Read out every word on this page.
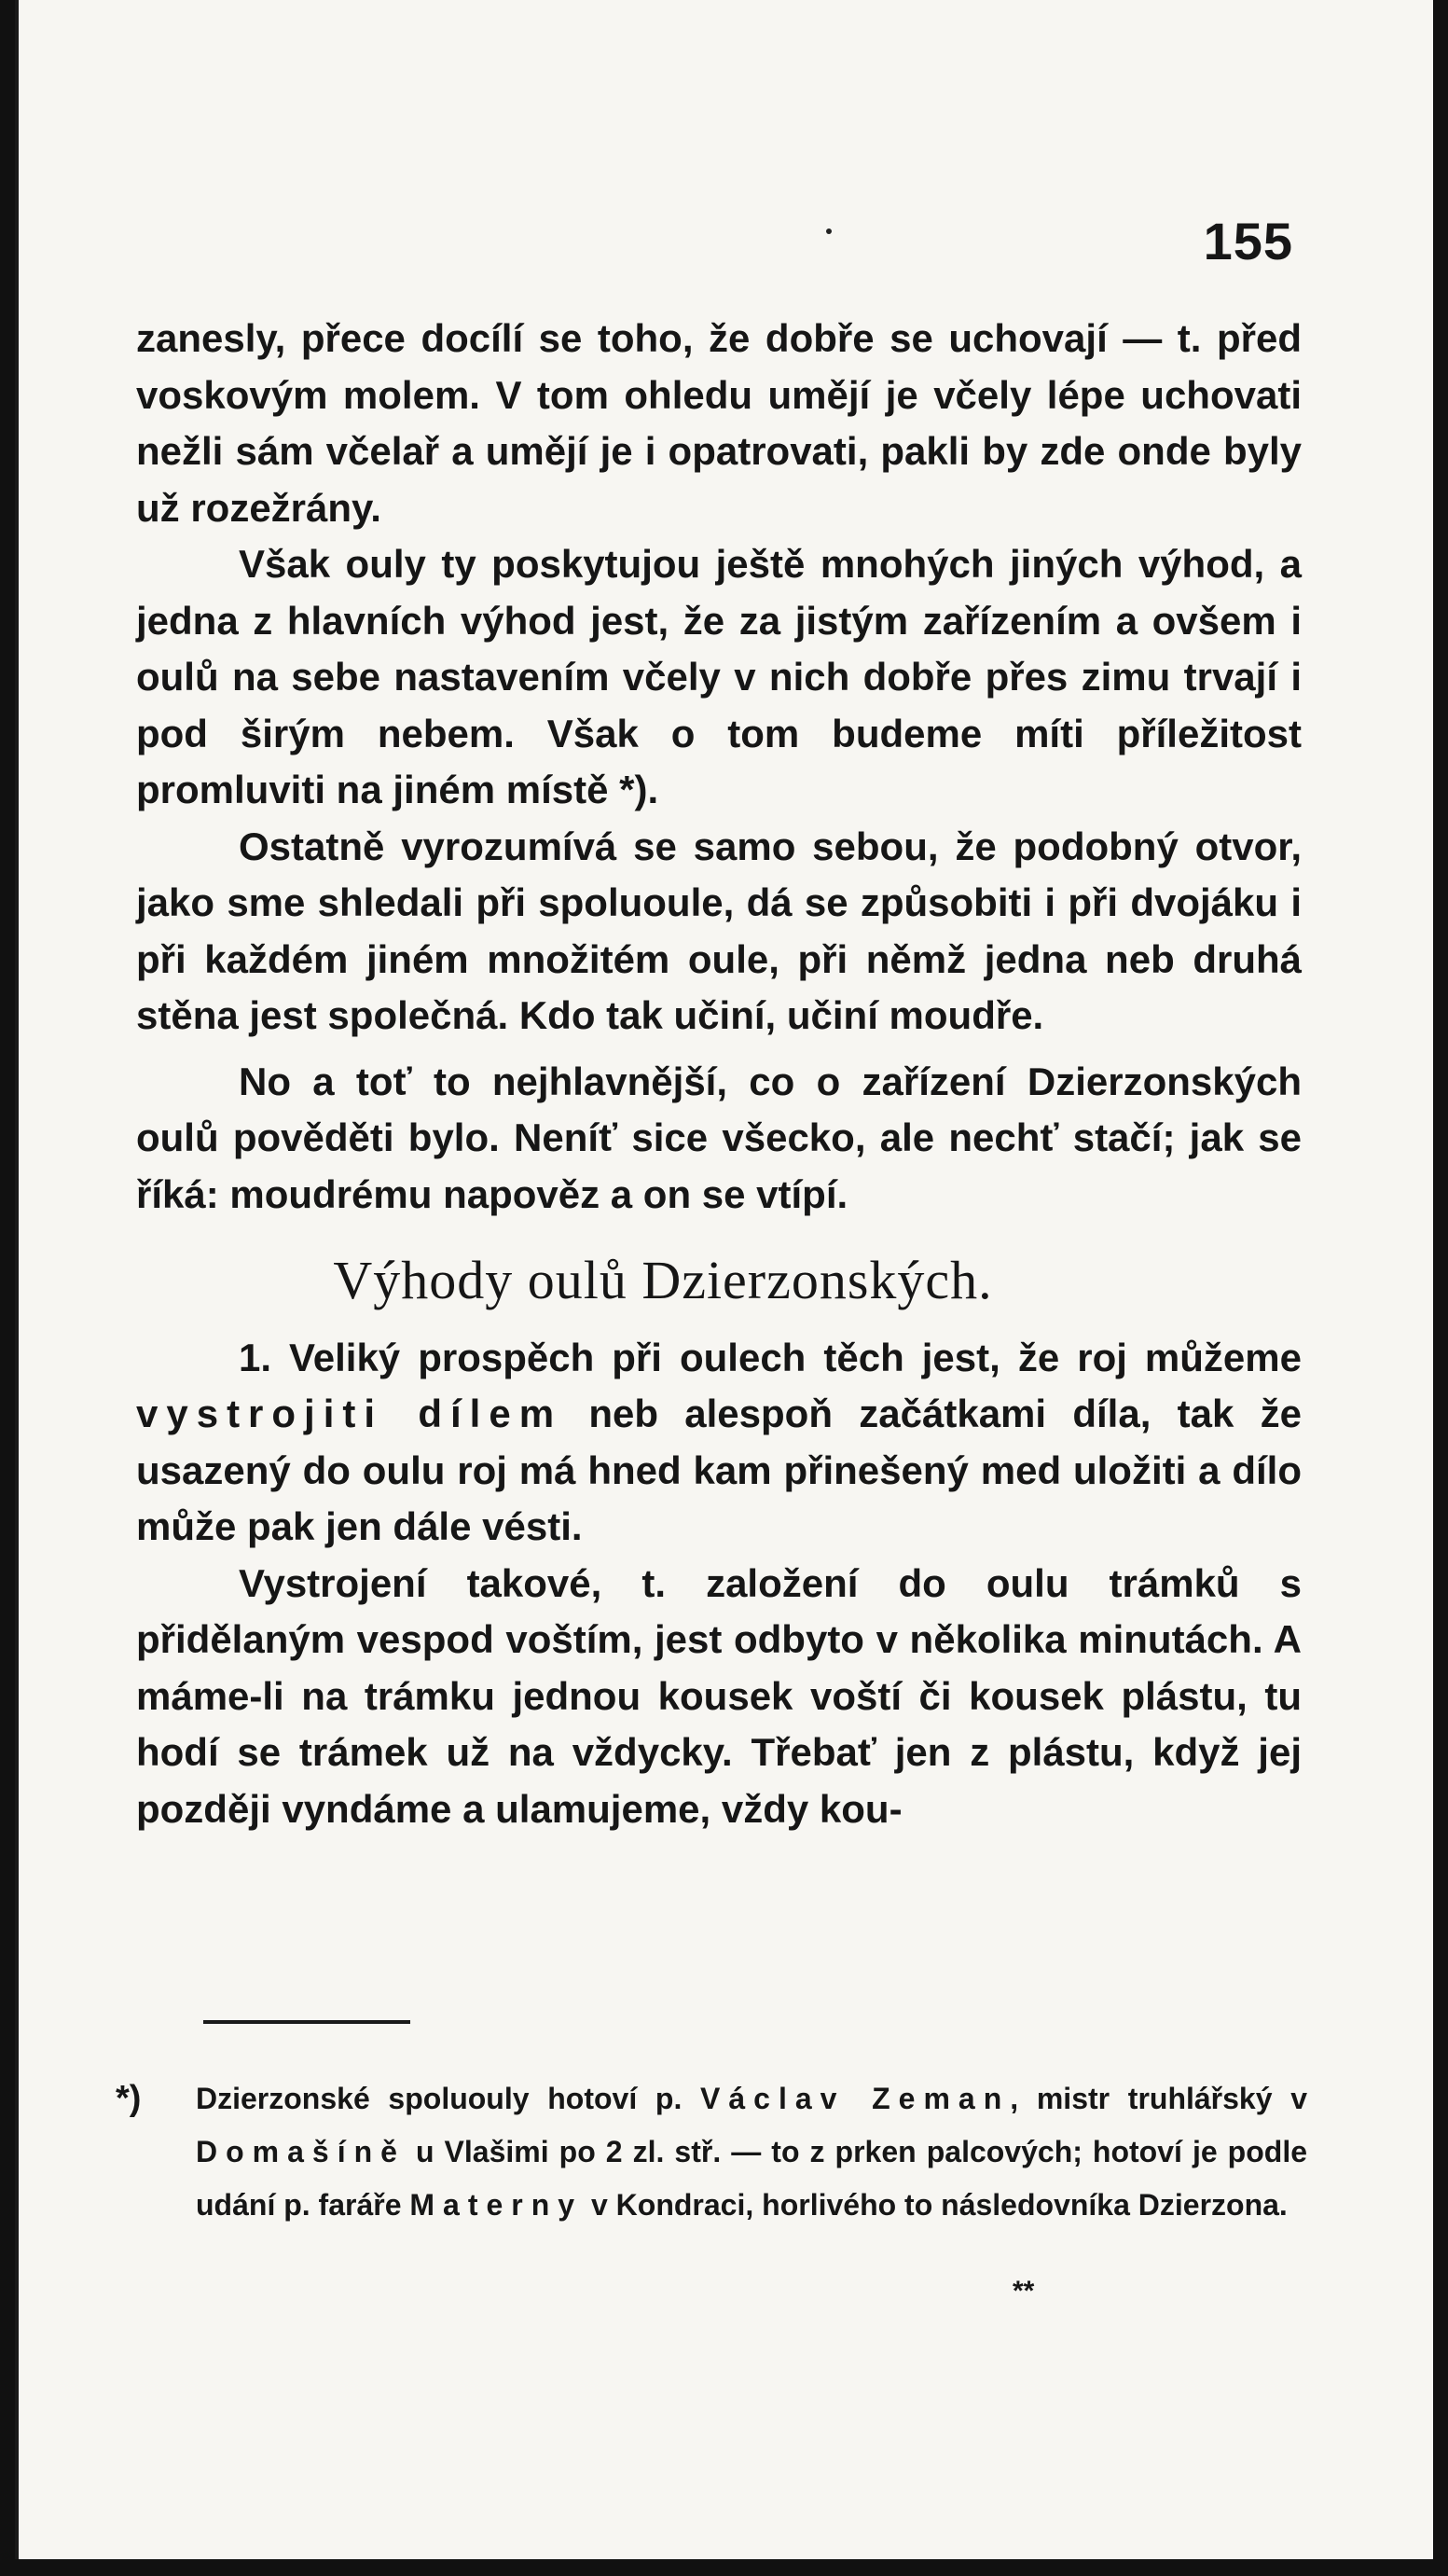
155

zanesly, přece docílí se toho, že dobře se uchovají — t. před voskovým molem. V tom ohledu umějí je včely lépe uchovati nežli sám včelař a umějí je i opatrovati, pakli by zde onde byly už rozežrány.

Však ouly ty poskytujou ještě mnohých jiných výhod, a jedna z hlavních výhod jest, že za jistým zařízením a ovšem i oulů na sebe nastavením včely v nich dobře přes zimu trvají i pod širým nebem. Však o tom budeme míti příležitost promluviti na jiném místě *).

Ostatně vyrozumívá se samo sebou, že podobný otvor, jako sme shledali při spoluoule, dá se způsobiti i při dvojáku i při každém jiném množitém oule, při němž jedna neb druhá stěna jest společná. Kdo tak učiní, učiní moudře.

No a toť to nejhlavnější, co o zařízení Dzierzonských oulů pověděti bylo. Neníť sice všecko, ale nechť stačí; jak se říká: moudrému napověz a on se vtípí.

Výhody oulů Dzierzonských.

1. Veliký prospěch při oulech těch jest, že roj můžeme vystrojiti dílem neb alespoň začátkami díla, tak že usazený do oulu roj má hned kam přinešený med uložiti a dílo může pak jen dále vésti.

Vystrojení takové, t. založení do oulu trámků s přidělaným vespod voštím, jest odbyto v několika minutách. A máme-li na trámku jednou kousek voští či kousek plástu, tu hodí se trámek už na vždycky. Třebať jen z plástu, když jej později vyndáme a ulamujeme, vždy kou-

*) Dzierzonské spoluouly hotoví p. Václav Zeman, mistr truhlářský v Domašíně u Vlašimi po 2 zl. stř. — to z prken palcových; hotoví je podle udání p. faráře Materny v Kondraci, horlivého to následovníka Dzierzona.

**
